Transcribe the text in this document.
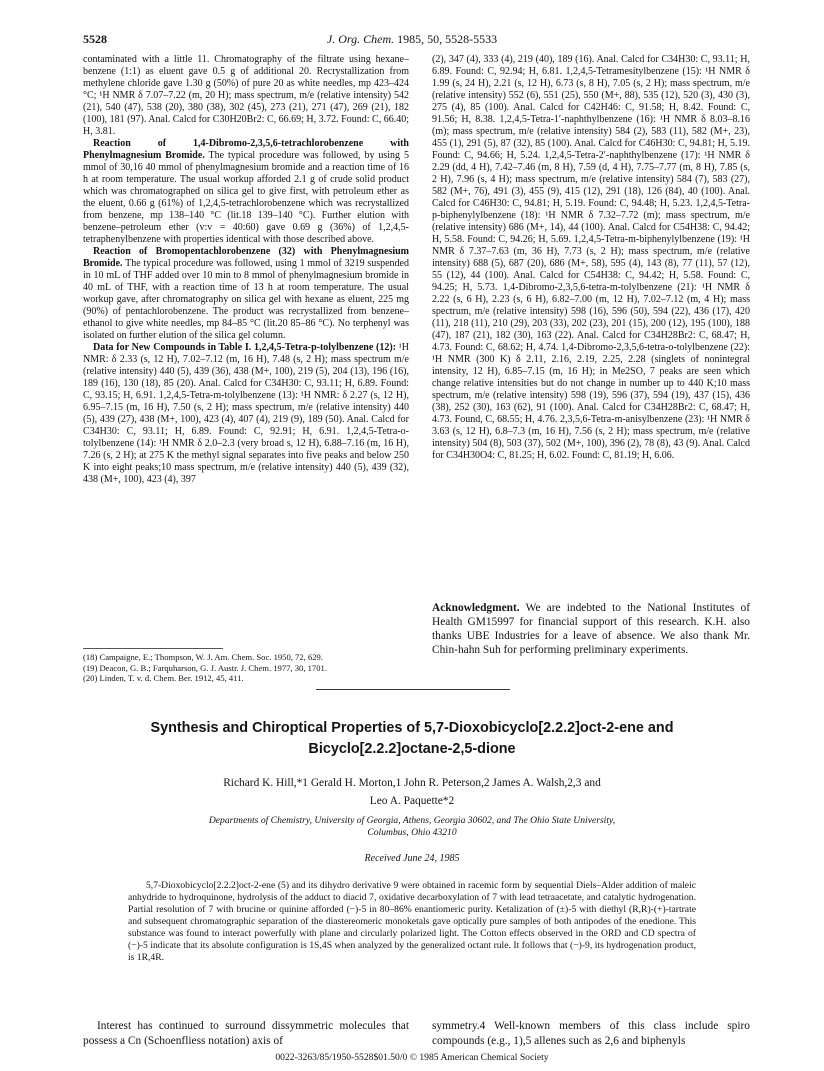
5528	J. Org. Chem. 1985, 50, 5528-5533

contaminated with a little 11. Chromatography of the filtrate using hexane–benzene (1:1) as eluent gave 0.5 g of additional 20. Recrystallization from methylene chloride gave 1.30 g (50%) of pure 20 as white needles, mp 423–424 °C; ¹H NMR δ 7.07–7.22 (m, 20 H); mass spectrum, m/e (relative intensity) 542 (21), 540 (47), 538 (20), 380 (38), 302 (45), 273 (21), 271 (47), 269 (21), 182 (100), 181 (97). Anal. Calcd for C30H20Br2: C, 66.69; H, 3.72. Found: C, 66.40; H, 3.81.

Reaction of 1,4-Dibromo-2,3,5,6-tetrachlorobenzene with Phenylmagnesium Bromide. The typical procedure was followed, by using 5 mmol of 30,16 40 mmol of phenylmagnesium bromide and a reaction time of 16 h at room temperature. The usual workup afforded 2.1 g of crude solid product which was chromatographed on silica gel to give first, with petroleum ether as the eluent, 0.66 g (61%) of 1,2,4,5-tetrachlorobenzene which was recrystallized from benzene, mp 138–140 °C (lit.18 139–140 °C). Further elution with benzene–petroleum ether (v:v = 40:60) gave 0.69 g (36%) of 1,2,4,5-tetraphenylbenzene with properties identical with those described above.

Reaction of Bromopentachlorobenzene (32) with Phenylmagnesium Bromide. The typical procedure was followed, using 1 mmol of 3219 suspended in 10 mL of THF added over 10 min to 8 mmol of phenylmagnesium bromide in 40 mL of THF, with a reaction time of 13 h at room temperature. The usual workup gave, after chromatography on silica gel with hexane as eluent, 225 mg (90%) of pentachlorobenzene. The product was recrystallized from benzene–ethanol to give white needles, mp 84–85 °C (lit.20 85–86 °C). No terphenyl was isolated on further elution of the silica gel column.

Data for New Compounds in Table I. 1,2,4,5-Tetra-p-tolylbenzene (12): ¹H NMR: δ 2.33 (s, 12 H), 7.02–7.12 (m, 16 H), 7.48 (s, 2 H); mass spectrum m/e (relative intensity) 440 (5), 439 (36), 438 (M+, 100), 219 (5), 204 (13), 196 (16), 189 (16), 130 (18), 85 (20). Anal. Calcd for C34H30: C, 93.11; H, 6.89. Found: C, 93.15; H, 6.91. 1,2,4,5-Tetra-m-tolylbenzene (13): ¹H NMR: δ 2.27 (s, 12 H), 6.95–7.15 (m, 16 H), 7.50 (s, 2 H); mass spectrum, m/e (relative intensity) 440 (5), 439 (27), 438 (M+, 100), 423 (4), 407 (4), 219 (9), 189 (50). Anal. Calcd for C34H30: C, 93.11; H, 6.89. Found: C, 92.91; H, 6.91. 1,2,4,5-Tetra-o-tolylbenzene (14): ¹H NMR δ 2.0–2.3 (very broad s, 12 H), 6.88–7.16 (m, 16 H), 7.26 (s, 2 H); at 275 K the methyl signal separates into five peaks and below 250 K into eight peaks;10 mass spectrum, m/e (relative intensity) 440 (5), 439 (32), 438 (M+, 100), 423 (4), 397

(2), 347 (4), 333 (4), 219 (40), 189 (16). Anal. Calcd for C34H30: C, 93.11; H, 6.89. Found: C, 92.94; H, 6.81. 1,2,4,5-Tetramesitylbenzene (15): ¹H NMR δ 1.99 (s, 24 H), 2.21 (s, 12 H), 6.73 (s, 8 H), 7.05 (s, 2 H); mass spectrum, m/e (relative intensity) 552 (6), 551 (25), 550 (M+, 88), 535 (12), 520 (3), 430 (3), 275 (4), 85 (100). Anal. Calcd for C42H46: C, 91.58; H, 8.42. Found: C, 91.56; H, 8.38. 1,2,4,5-Tetra-1′-naphthylbenzene (16): ¹H NMR δ 8.03–8.16 (m); mass spectrum, m/e (relative intensity) 584 (2), 583 (11), 582 (M+, 23), 455 (1), 291 (5), 87 (32), 85 (100). Anal. Calcd for C46H30: C, 94.81; H, 5.19. Found: C, 94.66; H, 5.24. 1,2,4,5-Tetra-2′-naphthylbenzene (17): ¹H NMR δ 2.29 (dd, 4 H), 7.42–7.46 (m, 8 H), 7.59 (d, 4 H), 7.75–7.77 (m, 8 H), 7.85 (s, 2 H), 7.96 (s, 4 H); mass spectrum, m/e (relative intensity) 584 (7), 583 (27), 582 (M+, 76), 491 (3), 455 (9), 415 (12), 291 (18), 126 (84), 40 (100). Anal. Calcd for C46H30: C, 94.81; H, 5.19. Found: C, 94.48; H, 5.23. 1,2,4,5-Tetra-p-biphenylylbenzene (18): ¹H NMR δ 7.32–7.72 (m); mass spectrum, m/e (relative intensity) 686 (M+, 14), 44 (100). Anal. Calcd for C54H38: C, 94.42; H, 5.58. Found: C, 94.26; H, 5.69. 1,2,4,5-Tetra-m-biphenylylbenzene (19): ¹H NMR δ 7.37–7.63 (m, 36 H), 7.73 (s, 2 H); mass spectrum, m/e (relative intensity) 688 (5), 687 (20), 686 (M+, 58), 595 (4), 143 (8), 77 (11), 57 (12), 55 (12), 44 (100). Anal. Calcd for C54H38: C, 94.42; H, 5.58. Found: C, 94.25; H, 5.73. 1,4-Dibromo-2,3,5,6-tetra-m-tolylbenzene (21): ¹H NMR δ 2.22 (s, 6 H), 2.23 (s, 6 H), 6.82–7.00 (m, 12 H), 7.02–7.12 (m, 4 H); mass spectrum, m/e (relative intensity) 598 (16), 596 (50), 594 (22), 436 (17), 420 (11), 218 (11), 210 (29), 203 (33), 202 (23), 201 (15), 200 (12), 195 (100), 188 (47), 187 (21), 182 (30), 163 (22). Anal. Calcd for C34H28Br2: C, 68.47; H, 4.73. Found: C, 68.62; H, 4.74. 1,4-Dibromo-2,3,5,6-tetra-o-tolylbenzene (22): ¹H NMR (300 K) δ 2.11, 2.16, 2.19, 2.25, 2.28 (singlets of nonintegral intensity, 12 H), 6.85–7.15 (m, 16 H); in Me2SO, 7 peaks are seen which change relative intensities but do not change in number up to 440 K;10 mass spectrum, m/e (relative intensity) 598 (19), 596 (37), 594 (19), 437 (15), 436 (38), 252 (30), 163 (62), 91 (100). Anal. Calcd for C34H28Br2: C, 68.47; H, 4.73. Found, C, 68.55; H, 4.76. 2,3,5,6-Tetra-m-anisylbenzene (23): ¹H NMR δ 3.63 (s, 12 H), 6.8–7.3 (m, 16 H), 7.56 (s, 2 H); mass spectrum, m/e (relative intensity) 504 (8), 503 (37), 502 (M+, 100), 396 (2), 78 (8), 43 (9). Anal. Calcd for C34H30O4: C, 81.25; H, 6.02. Found: C, 81.19; H, 6.06.

(18) Campaigne, E.; Thompson, W. J. Am. Chem. Soc. 1950, 72, 629.
(19) Deacon, G. B.; Farquharson, G. J. Austr. J. Chem. 1977, 30, 1701.
(20) Linden, T. v. d. Chem. Ber. 1912, 45, 411.
Acknowledgment. We are indebted to the National Institutes of Health GM15997 for financial support of this research. K.H. also thanks UBE Industries for a leave of absence. We also thank Mr. Chin-hahn Suh for performing preliminary experiments.
Synthesis and Chiroptical Properties of 5,7-Dioxobicyclo[2.2.2]oct-2-ene and
Bicyclo[2.2.2]octane-2,5-dione
Richard K. Hill,*1 Gerald H. Morton,1 John R. Peterson,2 James A. Walsh,2,3 and
Leo A. Paquette*2
Departments of Chemistry, University of Georgia, Athens, Georgia 30602, and The Ohio State University,
Columbus, Ohio 43210
Received June 24, 1985
5,7-Dioxobicyclo[2.2.2]oct-2-ene (5) and its dihydro derivative 9 were obtained in racemic form by sequential Diels–Alder addition of maleic anhydride to hydroquinone, hydrolysis of the adduct to diacid 7, oxidative decarboxylation of 7 with lead tetraacetate, and catalytic hydrogenation. Partial resolution of 7 with brucine or quinine afforded (−)-5 in 80–86% enantiomeric purity. Ketalization of (±)-5 with diethyl (R,R)-(+)-tartrate and subsequent chromatographic separation of the diastereomeric monoketals gave optically pure samples of both antipodes of the enedione. This substance was found to interact powerfully with plane and circularly polarized light. The Cotton effects observed in the ORD and CD spectra of (−)-5 indicate that its absolute configuration is 1S,4S when analyzed by the generalized octant rule. It follows that (−)-9, its hydrogenation product, is 1R,4R.
Interest has continued to surround dissymmetric molecules that possess a Cn (Schoenfliess notation) axis of
symmetry.4 Well-known members of this class include spiro compounds (e.g., 1),5 allenes such as 2,6 and biphenyls
0022-3263/85/1950-5528$01.50/0 © 1985 American Chemical Society
